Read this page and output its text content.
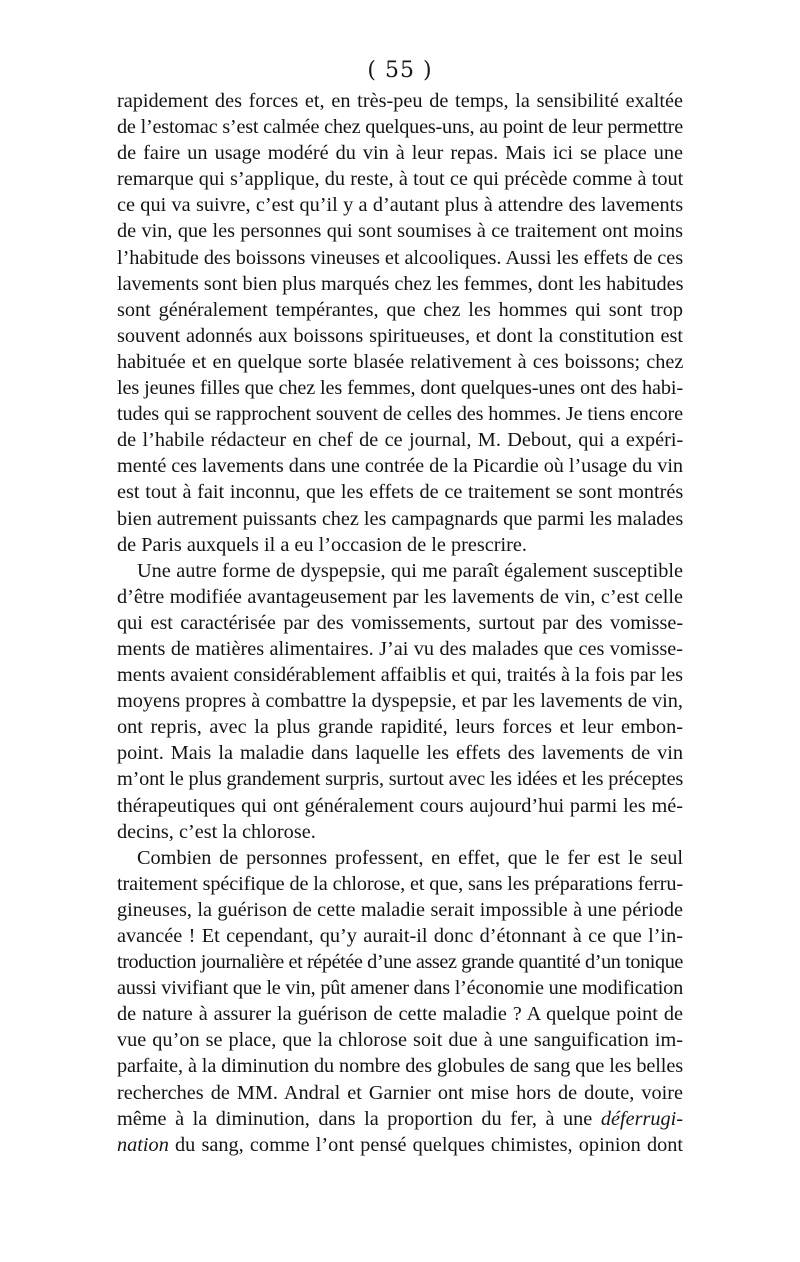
( 55 )
rapidement des forces et, en très-peu de temps, la sensibilité exaltée
de l’estomac s’est calmée chez quelques-uns, au point de leur permettre
de faire un usage modéré du vin à leur repas. Mais ici se place une
remarque qui s’applique, du reste, à tout ce qui précède comme à tout
ce qui va suivre, c’est qu’il y a d’autant plus à attendre des lavements
de vin, que les personnes qui sont soumises à ce traitement ont moins
l’habitude des boissons vineuses et alcooliques. Aussi les effets de ces
lavements sont bien plus marqués chez les femmes, dont les habitudes
sont généralement tempérantes, que chez les hommes qui sont trop
souvent adonnés aux boissons spiritueuses, et dont la constitution est
habituée et en quelque sorte blasée relativement à ces boissons; chez
les jeunes filles que chez les femmes, dont quelques-unes ont des habi-
tudes qui se rapprochent souvent de celles des hommes. Je tiens encore
de l’habile rédacteur en chef de ce journal, M. Debout, qui a expéri-
menté ces lavements dans une contrée de la Picardie où l’usage du vin
est tout à fait inconnu, que les effets de ce traitement se sont montrés
bien autrement puissants chez les campagnards que parmi les malades
de Paris auxquels il a eu l’occasion de le prescrire.
Une autre forme de dyspepsie, qui me paraît également susceptible
d’être modifiée avantageusement par les lavements de vin, c’est celle
qui est caractérisée par des vomissements, surtout par des vomisse-
ments de matières alimentaires. J’ai vu des malades que ces vomisse-
ments avaient considérablement affaiblis et qui, traités à la fois par les
moyens propres à combattre la dyspepsie, et par les lavements de vin,
ont repris, avec la plus grande rapidité, leurs forces et leur embon-
point. Mais la maladie dans laquelle les effets des lavements de vin
m’ont le plus grandement surpris, surtout avec les idées et les préceptes
thérapeutiques qui ont généralement cours aujourd’hui parmi les mé-
decins, c’est la chlorose.
Combien de personnes professent, en effet, que le fer est le seul
traitement spécifique de la chlorose, et que, sans les préparations ferru-
gineuses, la guérison de cette maladie serait impossible à une période
avancée ! Et cependant, qu’y aurait-il donc d’étonnant à ce que l’in-
troduction journalière et répétée d’une assez grande quantité d’un tonique
aussi vivifiant que le vin, pût amener dans l’économie une modification
de nature à assurer la guérison de cette maladie ? A quelque point de
vue qu’on se place, que la chlorose soit due à une sanguification im-
parfaite, à la diminution du nombre des globules de sang que les belles
recherches de MM. Andral et Garnier ont mise hors de doute, voire
même à la diminution, dans la proportion du fer, à une déferrugi-
nation du sang, comme l’ont pensé quelques chimistes, opinion dont
